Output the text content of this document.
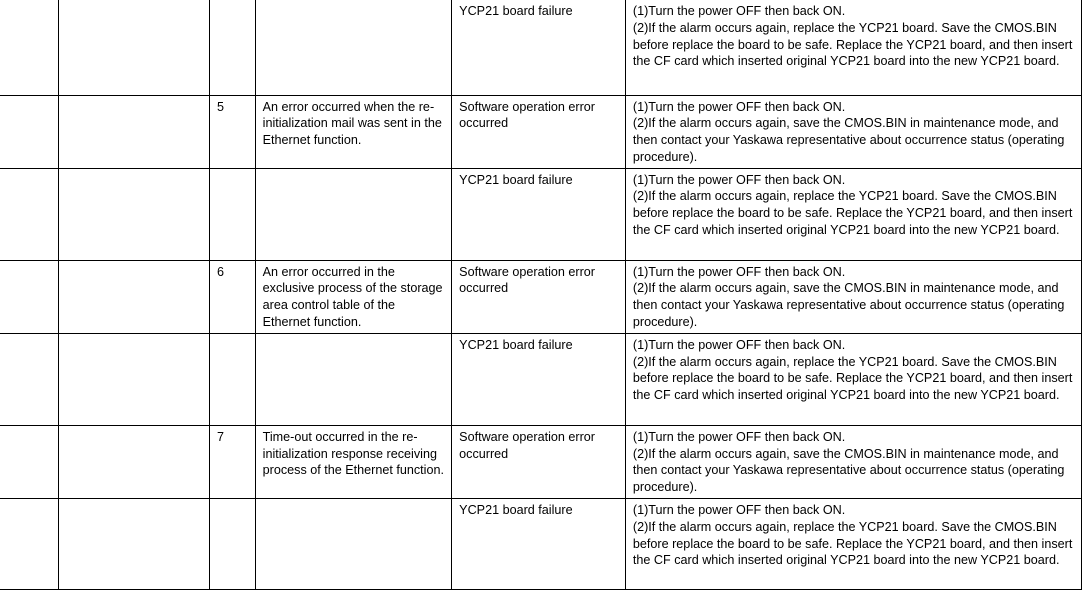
				YCP21 board failure	(1)Turn the power OFF then back ON.
(2)If the alarm occurs again, replace the YCP21 board. Save the CMOS.BIN before replace the board to be safe. Replace the YCP21 board, and then insert the CF card which inserted original YCP21 board into the new YCP21 board.

		5	An error occurred when the re-initialization mail was sent in the Ethernet function.	Software operation error occurred	(1)Turn the power OFF then back ON.
(2)If the alarm occurs again, save the CMOS.BIN in maintenance mode, and then contact your Yaskawa representative about occurrence status (operating procedure).

				YCP21 board failure	(1)Turn the power OFF then back ON.
(2)If the alarm occurs again, replace the YCP21 board. Save the CMOS.BIN before replace the board to be safe. Replace the YCP21 board, and then insert the CF card which inserted original YCP21 board into the new YCP21 board.

		6	An error occurred in the exclusive process of the storage area control table of the Ethernet function.	Software operation error occurred	(1)Turn the power OFF then back ON.
(2)If the alarm occurs again, save the CMOS.BIN in maintenance mode, and then contact your Yaskawa representative about occurrence status (operating procedure).

				YCP21 board failure	(1)Turn the power OFF then back ON.
(2)If the alarm occurs again, replace the YCP21 board. Save the CMOS.BIN before replace the board to be safe. Replace the YCP21 board, and then insert the CF card which inserted original YCP21 board into the new YCP21 board.

		7	Time-out occurred in the re-initialization response receiving process of the Ethernet function.	Software operation error occurred	(1)Turn the power OFF then back ON.
(2)If the alarm occurs again, save the CMOS.BIN in maintenance mode, and then contact your Yaskawa representative about occurrence status (operating procedure).

				YCP21 board failure	(1)Turn the power OFF then back ON.
(2)If the alarm occurs again, replace the YCP21 board. Save the CMOS.BIN before replace the board to be safe. Replace the YCP21 board, and then insert the CF card which inserted original YCP21 board into the new YCP21 board.
